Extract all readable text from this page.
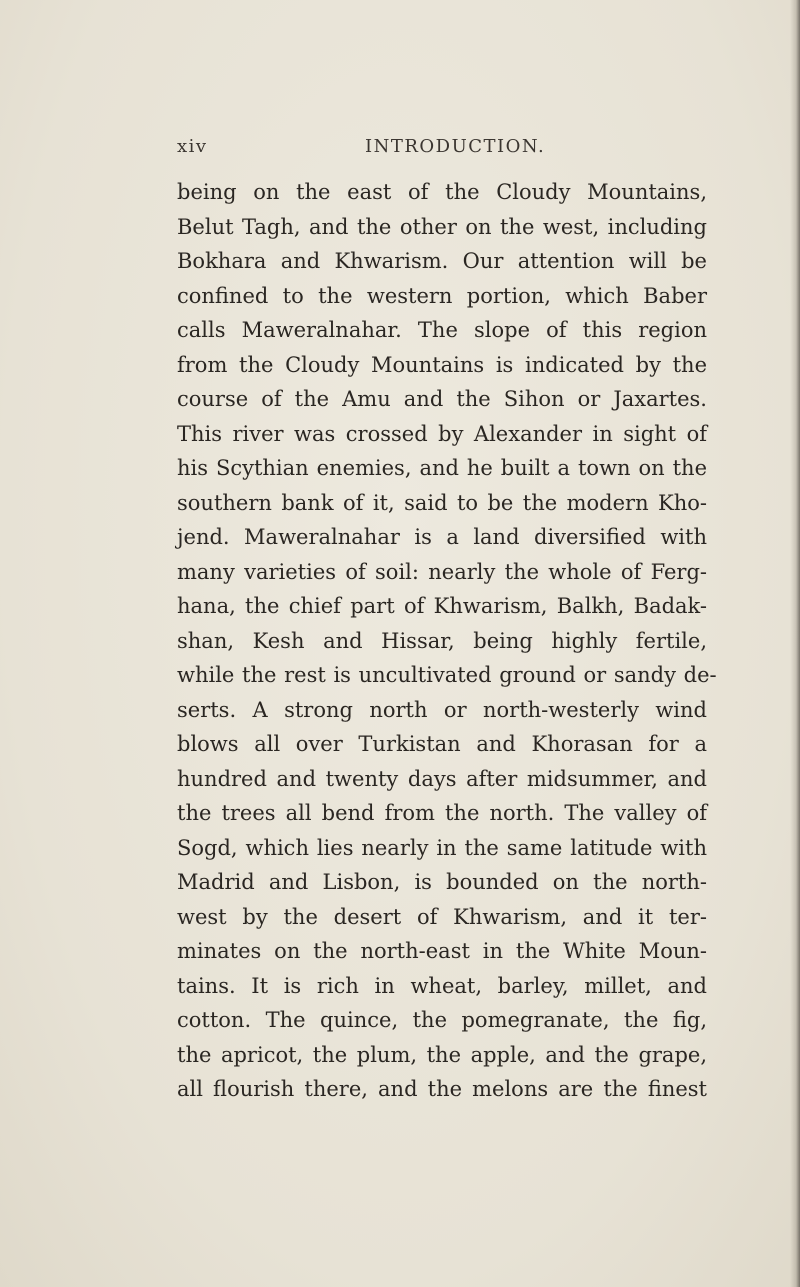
xiv	INTRODUCTION.
being on the east of the Cloudy Mountains,
Belut Tagh, and the other on the west, including
Bokhara and Khwarism. Our attention will be
confined to the western portion, which Baber
calls Maweralnahar. The slope of this region
from the Cloudy Mountains is indicated by the
course of the Amu and the Sihon or Jaxartes.
This river was crossed by Alexander in sight of
his Scythian enemies, and he built a town on the
southern bank of it, said to be the modern Kho-
jend. Maweralnahar is a land diversified with
many varieties of soil: nearly the whole of Ferg-
hana, the chief part of Khwarism, Balkh, Badak-
shan, Kesh and Hissar, being highly fertile,
while the rest is uncultivated ground or sandy de-
serts. A strong north or north-westerly wind
blows all over Turkistan and Khorasan for a
hundred and twenty days after midsummer, and
the trees all bend from the north. The valley of
Sogd, which lies nearly in the same latitude with
Madrid and Lisbon, is bounded on the north-
west by the desert of Khwarism, and it ter-
minates on the north-east in the White Moun-
tains. It is rich in wheat, barley, millet, and
cotton. The quince, the pomegranate, the fig,
the apricot, the plum, the apple, and the grape,
all flourish there, and the melons are the finest
